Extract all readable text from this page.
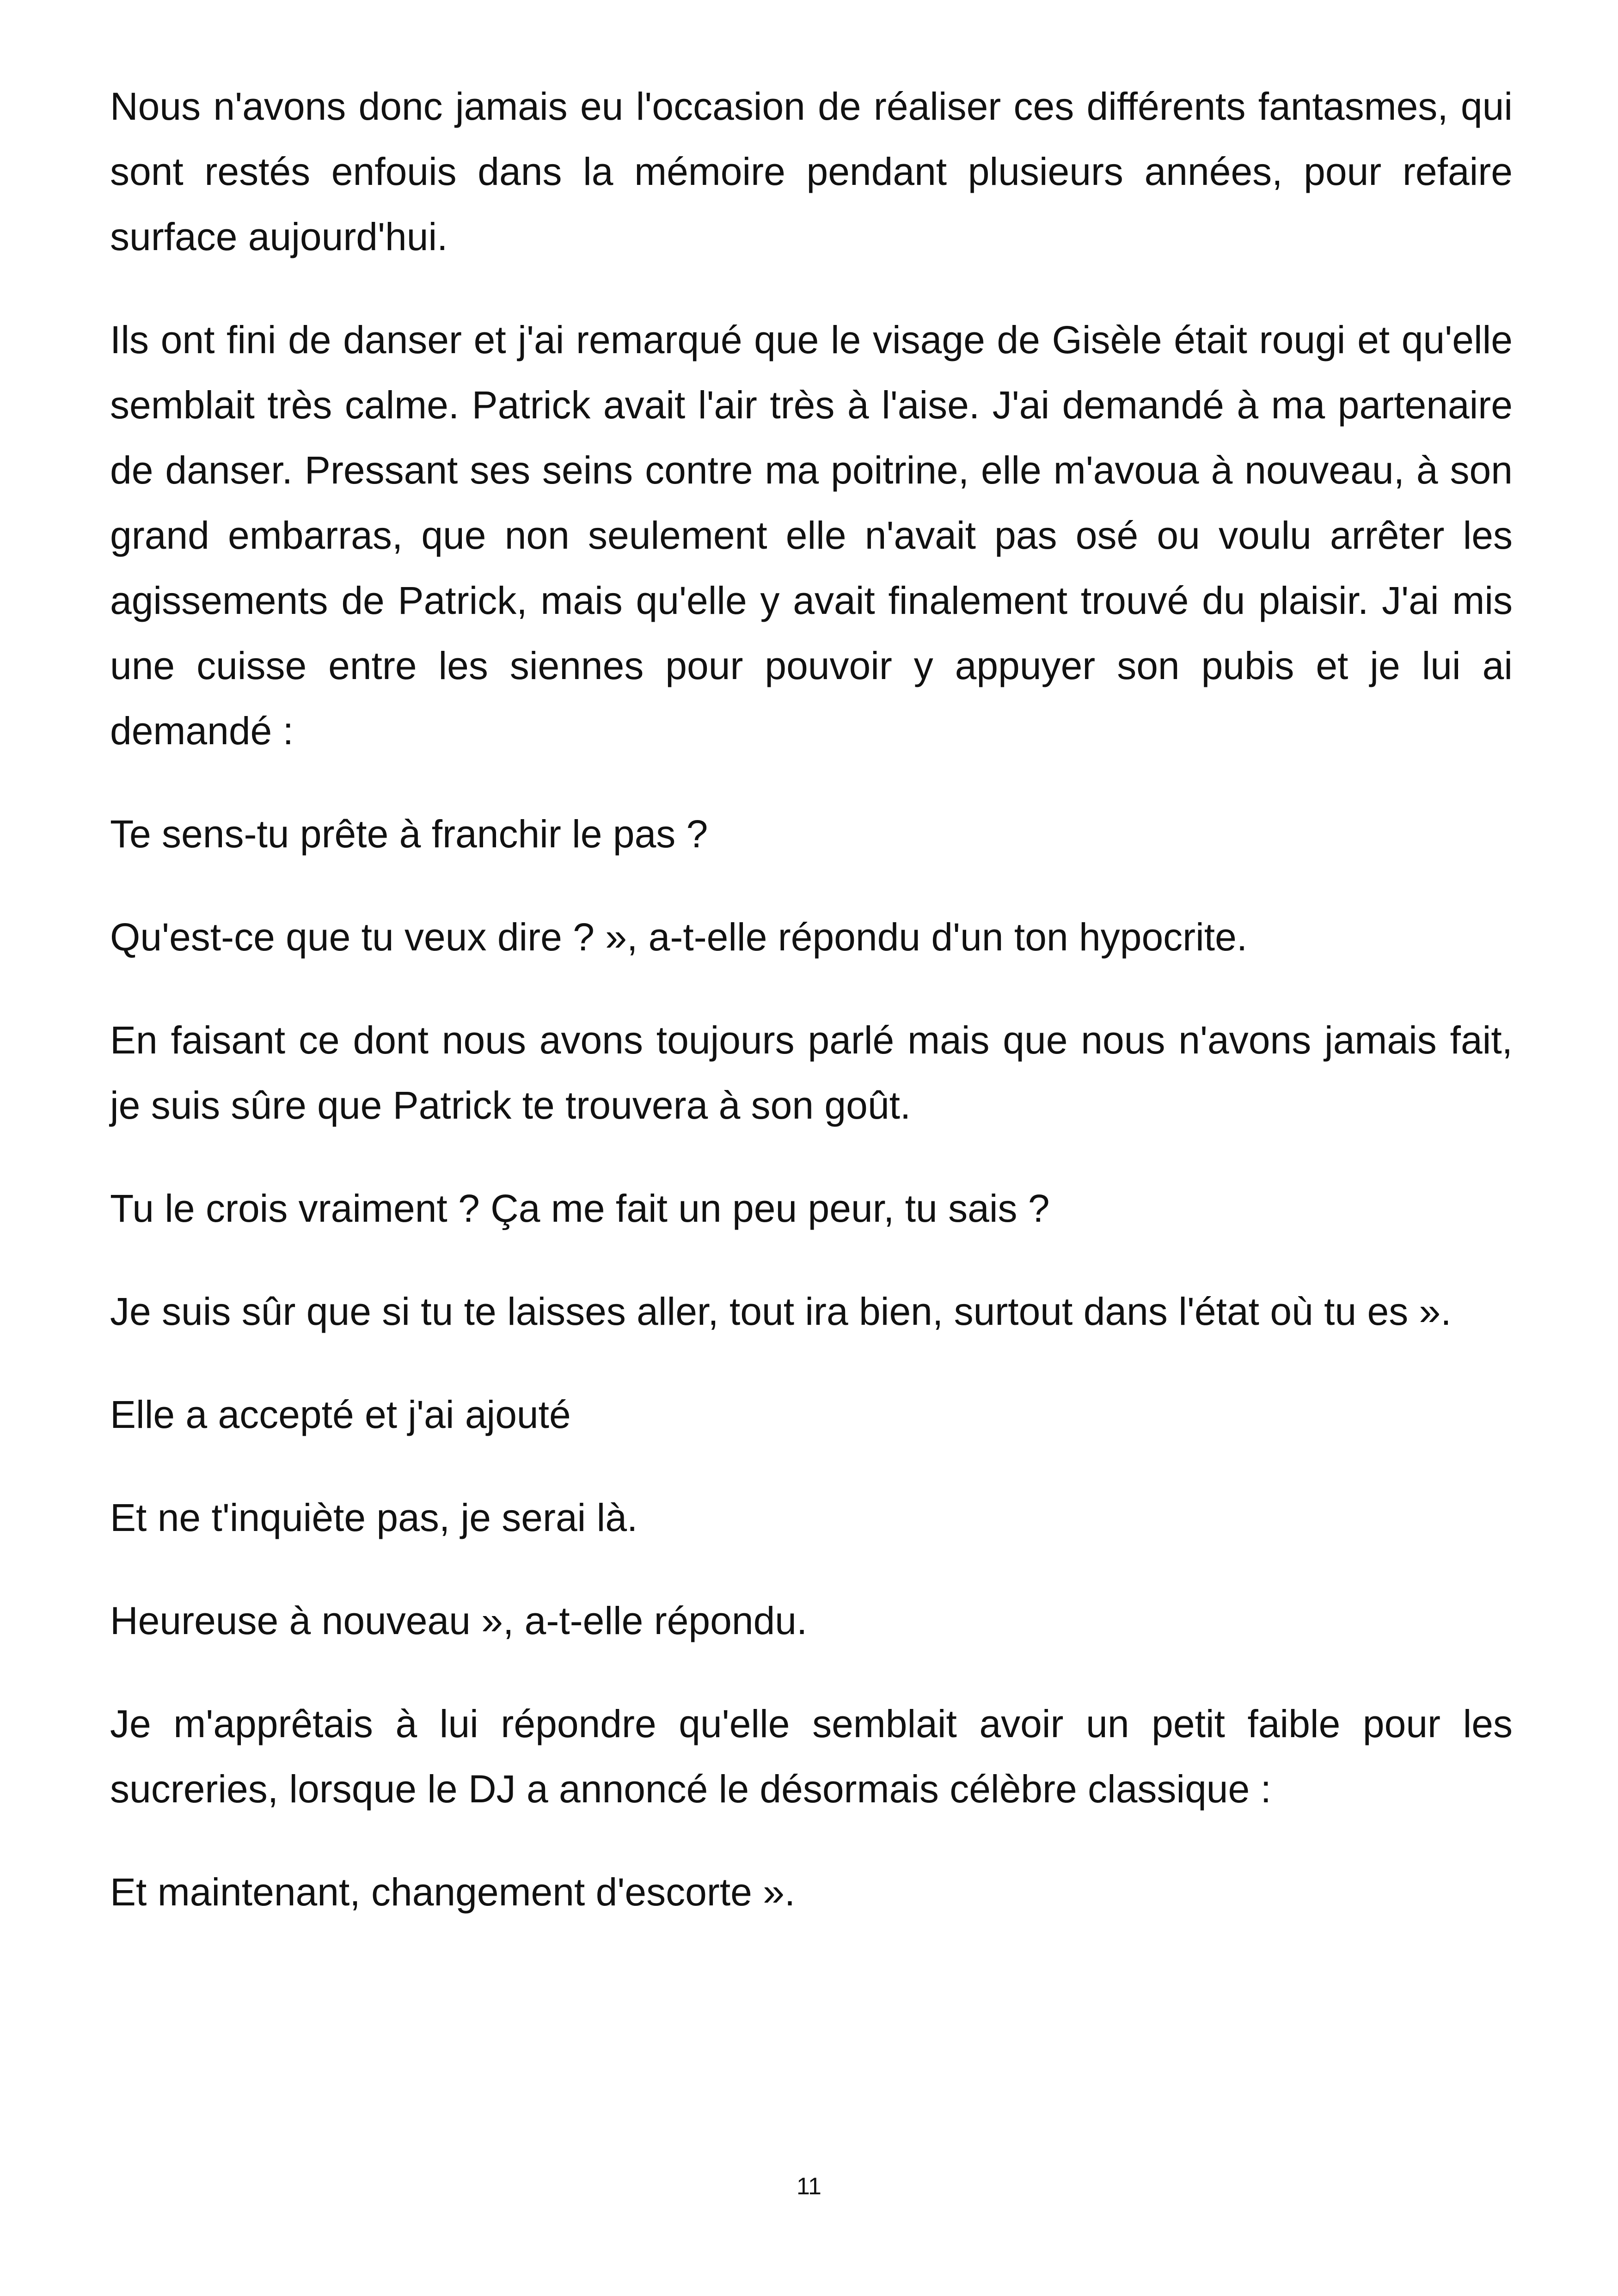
Nous n'avons donc jamais eu l'occasion de réaliser ces différents fantasmes, qui sont restés enfouis dans la mémoire pendant plusieurs années, pour refaire surface aujourd'hui.

Ils ont fini de danser et j'ai remarqué que le visage de Gisèle était rougi et qu'elle semblait très calme. Patrick avait l'air très à l'aise. J'ai demandé à ma partenaire de danser. Pressant ses seins contre ma poitrine, elle m'avoua à nouveau, à son grand embarras, que non seulement elle n'avait pas osé ou voulu arrêter les agissements de Patrick, mais qu'elle y avait finalement trouvé du plaisir. J'ai mis une cuisse entre les siennes pour pouvoir y appuyer son pubis et je lui ai demandé :

Te sens-tu prête à franchir le pas ?

Qu'est-ce que tu veux dire ? », a-t-elle répondu d'un ton hypocrite.

En faisant ce dont nous avons toujours parlé mais que nous n'avons jamais fait, je suis sûre que Patrick te trouvera à son goût.

Tu le crois vraiment ? Ça me fait un peu peur, tu sais ?

Je suis sûr que si tu te laisses aller, tout ira bien, surtout dans l'état où tu es ».

Elle a accepté et j'ai ajouté

Et ne t'inquiète pas, je serai là.

Heureuse à nouveau », a-t-elle répondu.

Je m'apprêtais à lui répondre qu'elle semblait avoir un petit faible pour les sucreries, lorsque le DJ a annoncé le désormais célèbre classique :

Et maintenant, changement d'escorte ».

11
